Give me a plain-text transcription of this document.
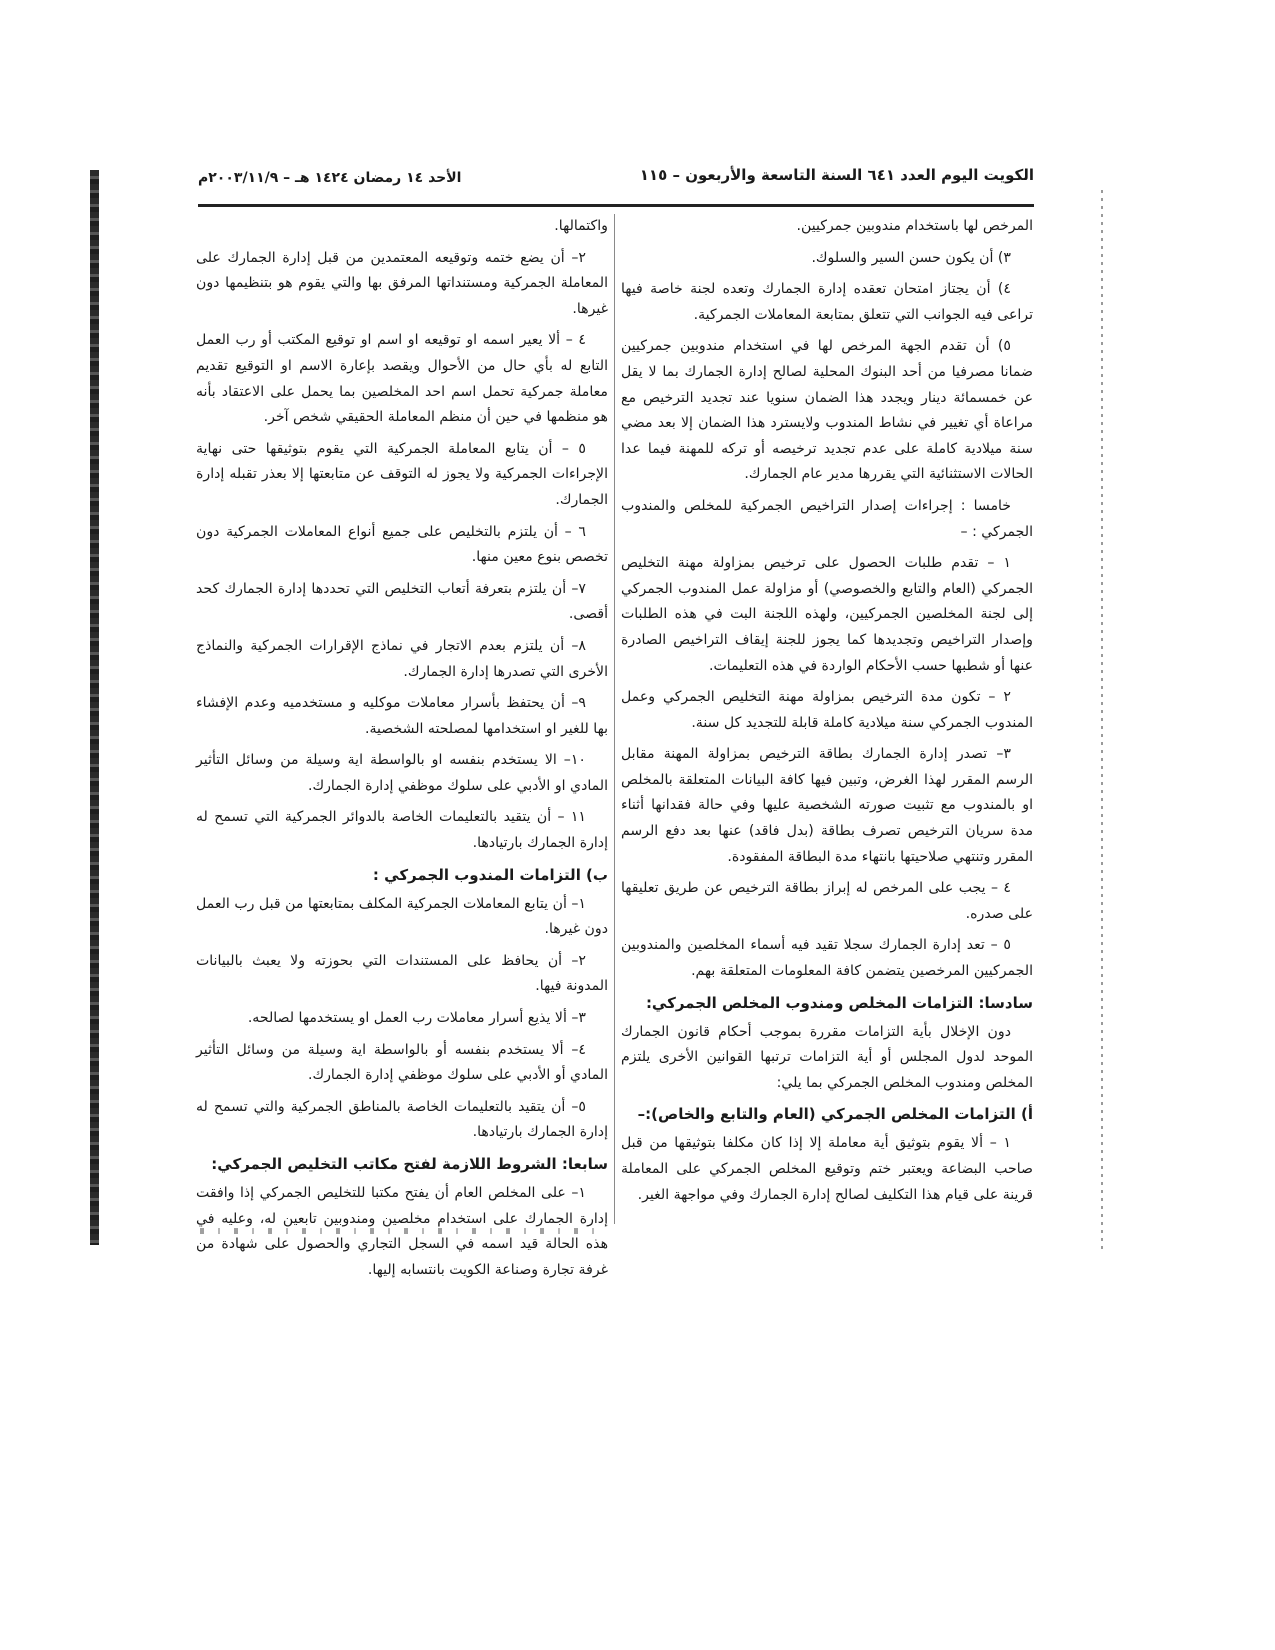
الكويت اليوم العدد ٦٤١ السنة التاسعة والأربعون – ١١٥
الأحد ١٤ رمضان ١٤٢٤ هـ – ٢٠٠٣/١١/٩م

المرخص لها باستخدام مندوبين جمركيين.

٣) أن يكون حسن السير والسلوك.

٤) أن يجتاز امتحان تعقده إدارة الجمارك وتعده لجنة خاصة فيها تراعى فيه الجوانب التي تتعلق بمتابعة المعاملات الجمركية.

٥) أن تقدم الجهة المرخص لها في استخدام مندوبين جمركيين ضمانا مصرفيا من أحد البنوك المحلية لصالح إدارة الجمارك بما لا يقل عن خمسمائة دينار ويجدد هذا الضمان سنويا عند تجديد الترخيص مع مراعاة أي تغيير في نشاط المندوب ولايسترد هذا الضمان إلا بعد مضي سنة ميلادية كاملة على عدم تجديد ترخيصه أو تركه للمهنة فيما عدا الحالات الاستثنائية التي يقررها مدير عام الجمارك.

خامسا : إجراءات إصدار التراخيص الجمركية للمخلص والمندوب الجمركي : –

١ – تقدم طلبات الحصول على ترخيص بمزاولة مهنة التخليص الجمركي (العام والتابع والخصوصي) أو مزاولة عمل المندوب الجمركي إلى لجنة المخلصين الجمركيين، ولهذه اللجنة البت في هذه الطلبات وإصدار التراخيص وتجديدها كما يجوز للجنة إيقاف التراخيص الصادرة عنها أو شطبها حسب الأحكام الواردة في هذه التعليمات.

٢ – تكون مدة الترخيص بمزاولة مهنة التخليص الجمركي وعمل المندوب الجمركي سنة ميلادية كاملة قابلة للتجديد كل سنة.

٣– تصدر إدارة الجمارك بطاقة الترخيص بمزاولة المهنة مقابل الرسم المقرر لهذا الغرض، وتبين فيها كافة البيانات المتعلقة بالمخلص او بالمندوب مع تثبيت صورته الشخصية عليها وفي حالة فقدانها أثناء مدة سريان الترخيص تصرف بطاقة (بدل فاقد) عنها بعد دفع الرسم المقرر وتنتهي صلاحيتها بانتهاء مدة البطاقة المفقودة.

٤ – يجب على المرخص له إبراز بطاقة الترخيص عن طريق تعليقها على صدره.

٥ – تعد إدارة الجمارك سجلا تقيد فيه أسماء المخلصين والمندوبين الجمركيين المرخصين يتضمن كافة المعلومات المتعلقة بهم.

سادسا: التزامات المخلص ومندوب المخلص الجمركي:

دون الإخلال بأية التزامات مقررة بموجب أحكام قانون الجمارك الموحد لدول المجلس أو أية التزامات ترتبها القوانين الأخرى يلتزم المخلص ومندوب المخلص الجمركي بما يلي:

أ) التزامات المخلص الجمركي (العام والتابع والخاص):–

١ – ألا يقوم بتوثيق أية معاملة إلا إذا كان مكلفا بتوثيقها من قبل صاحب البضاعة ويعتبر ختم وتوقيع المخلص الجمركي على المعاملة قرينة على قيام هذا التكليف لصالح إدارة الجمارك وفي مواجهة الغير.

واكتمالها.

٢– أن يضع ختمه وتوقيعه المعتمدين من قبل إدارة الجمارك على المعاملة الجمركية ومستنداتها المرفق بها والتي يقوم هو بتنظيمها دون غيرها.

٤ – ألا يعير اسمه او توقيعه او اسم او توقيع المكتب أو رب العمل التابع له بأي حال من الأحوال ويقصد بإعارة الاسم او التوقيع تقديم معاملة جمركية تحمل اسم احد المخلصين بما يحمل على الاعتقاد بأنه هو منظمها في حين أن منظم المعاملة الحقيقي شخص آخر.

٥ – أن يتابع المعاملة الجمركية التي يقوم بتوثيقها حتى نهاية الإجراءات الجمركية ولا يجوز له التوقف عن متابعتها إلا بعذر تقبله إدارة الجمارك.

٦ – أن يلتزم بالتخليص على جميع أنواع المعاملات الجمركية دون تخصص بنوع معين منها.

٧– أن يلتزم بتعرفة أتعاب التخليص التي تحددها إدارة الجمارك كحد أقصى.

٨– أن يلتزم بعدم الاتجار في نماذج الإقرارات الجمركية والنماذج الأخرى التي تصدرها إدارة الجمارك.

٩– أن يحتفظ بأسرار معاملات موكليه و مستخدميه وعدم الإفشاء بها للغير او استخدامها لمصلحته الشخصية.

١٠– الا يستخدم بنفسه او بالواسطة اية وسيلة من وسائل التأثير المادي او الأدبي على سلوك موظفي إدارة الجمارك.

١١ – أن يتقيد بالتعليمات الخاصة بالدوائر الجمركية التي تسمح له إدارة الجمارك بارتيادها.

ب) التزامات المندوب الجمركي :

١– أن يتابع المعاملات الجمركية المكلف بمتابعتها من قبل رب العمل دون غيرها.

٢– أن يحافظ على المستندات التي بحوزته ولا يعبث بالبيانات المدونة فيها.

٣– ألا يذيع أسرار معاملات رب العمل او يستخدمها لصالحه.

٤– ألا يستخدم بنفسه أو بالواسطة اية وسيلة من وسائل التأثير المادي أو الأدبي على سلوك موظفي إدارة الجمارك.

٥– أن يتقيد بالتعليمات الخاصة بالمناطق الجمركية والتي تسمح له إدارة الجمارك بارتيادها.

سابعا: الشروط اللازمة لفتح مكاتب التخليص الجمركي:

١– على المخلص العام أن يفتح مكتبا للتخليص الجمركي إذا وافقت إدارة الجمارك على استخدام مخلصين ومندوبين تابعين له، وعليه في هذه الحالة قيد اسمه في السجل التجاري والحصول على شهادة من غرفة تجارة وصناعة الكويت بانتسابه إليها.
